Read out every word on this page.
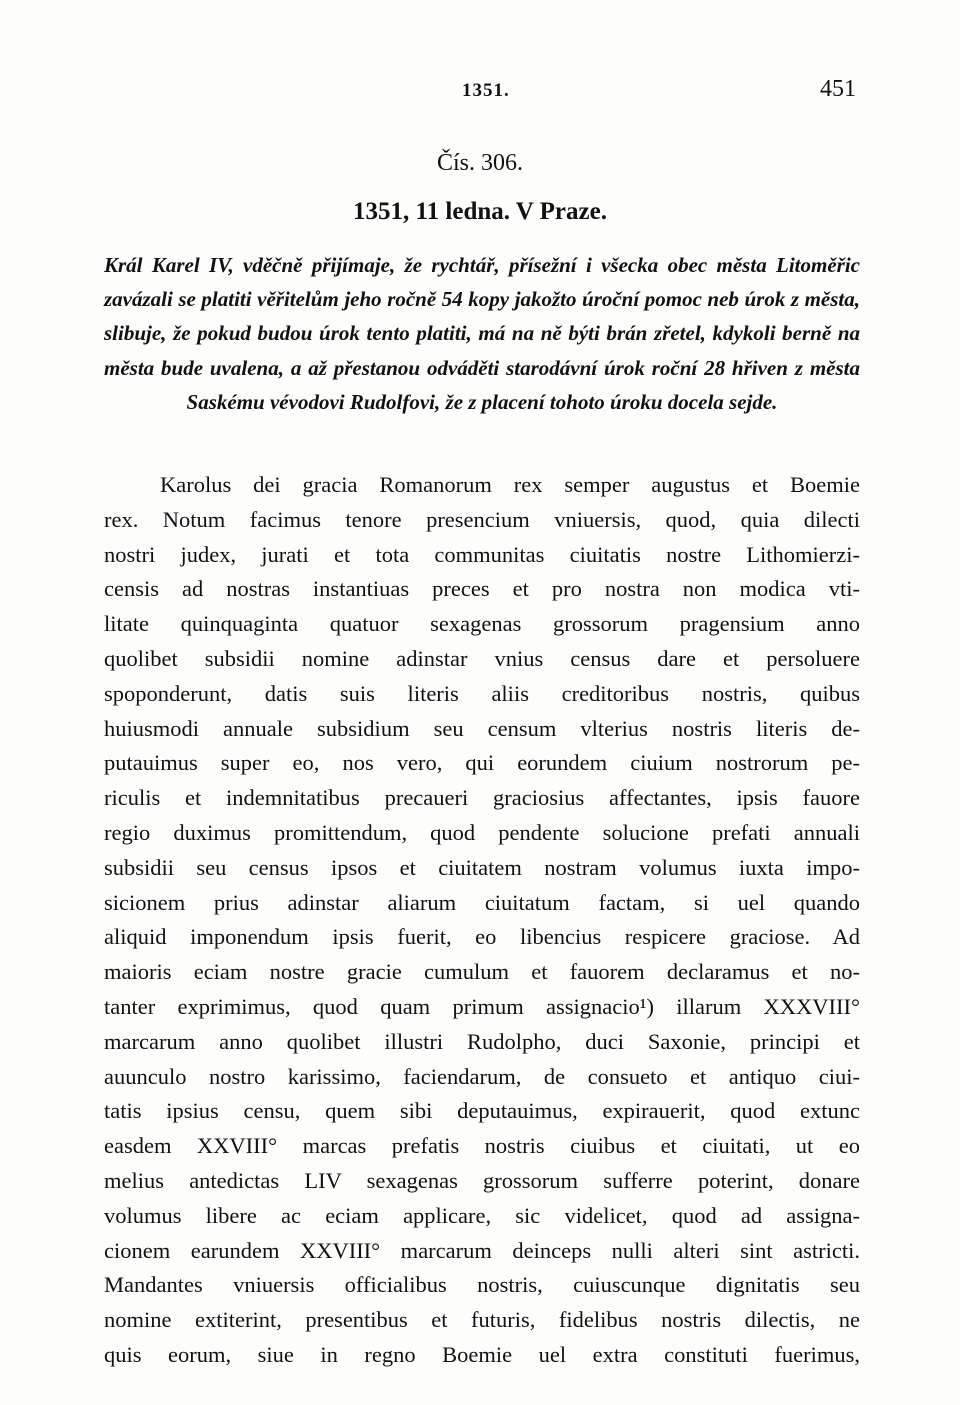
1351.	451
Čís. 306.
1351, 11 ledna. V Praze.

Král Karel IV, vděčně přijímaje, že rychtář, přísežní i všecka obec města Litoměřic zavázali se platiti věřitelům jeho ročně 54 kopy jakožto úroční pomoc neb úrok z města, slibuje, že pokud budou úrok tento platiti, má na ně býti brán zřetel, kdykoli berně na města bude uvalena, a až přestanou odváděti starodávní úrok roční 28 hřiven z města Saskému vévodovi Rudolfovi, že z placení tohoto úroku docela sejde.

Karolus dei gracia Romanorum rex semper augustus et Boemie
rex. Notum facimus tenore presencium vniuersis, quod, quia dilecti
nostri judex, jurati et tota communitas ciuitatis nostre Lithomierzi-
censis ad nostras instantiuas preces et pro nostra non modica vti-
litate quinquaginta quatuor sexagenas grossorum pragensium anno
quolibet subsidii nomine adinstar vnius census dare et persoluere
spoponderunt, datis suis literis aliis creditoribus nostris, quibus
huiusmodi annuale subsidium seu censum vlterius nostris literis de-
putauimus super eo, nos vero, qui eorundem ciuium nostrorum pe-
riculis et indemnitatibus precaueri graciosius affectantes, ipsis fauore
regio duximus promittendum, quod pendente solucione prefati annuali
subsidii seu census ipsos et ciuitatem nostram volumus iuxta impo-
sicionem prius adinstar aliarum ciuitatum factam, si uel quando
aliquid imponendum ipsis fuerit, eo libencius respicere graciose. Ad
maioris eciam nostre gracie cumulum et fauorem declaramus et no-
tanter exprimimus, quod quam primum assignacio¹) illarum XXXVIII°
marcarum anno quolibet illustri Rudolpho, duci Saxonie, principi et
auunculo nostro karissimo, faciendarum, de consueto et antiquo ciui-
tatis ipsius censu, quem sibi deputauimus, expirauerit, quod extunc
easdem XXVIII° marcas prefatis nostris ciuibus et ciuitati, ut eo
melius antedictas LIV sexagenas grossorum sufferre poterint, donare
volumus libere ac eciam applicare, sic videlicet, quod ad assigna-
cionem earundem XXVIII° marcarum deinceps nulli alteri sint astricti.
Mandantes vniuersis officialibus nostris, cuiuscunque dignitatis seu
nomine extiterint, presentibus et futuris, fidelibus nostris dilectis, ne
quis eorum, siue in regno Boemie uel extra constituti fuerimus,
